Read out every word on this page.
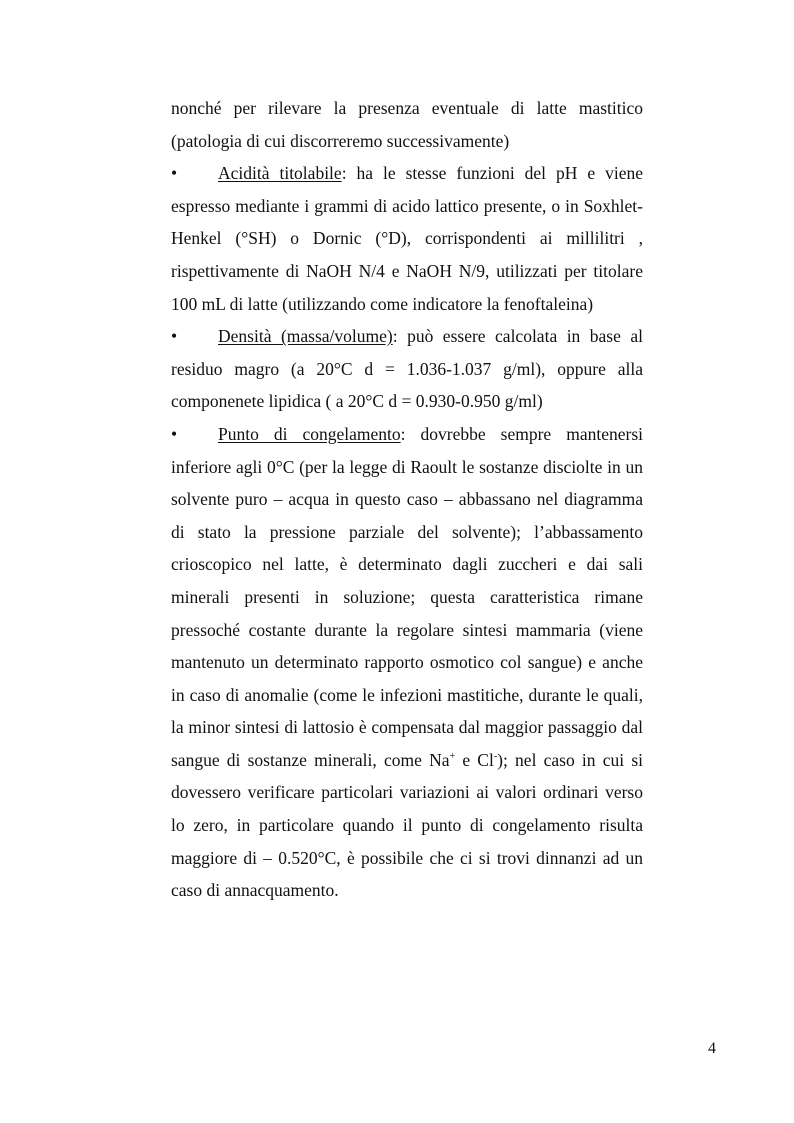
nonché per rilevare la presenza eventuale di latte mastitico (patologia di cui discorreremo successivamente)

• Acidità titolabile: ha le stesse funzioni del pH e viene espresso mediante i grammi di acido lattico presente, o in Soxhlet-Henkel (°SH) o Dornic (°D), corrispondenti ai millilitri , rispettivamente di NaOH N/4 e NaOH N/9, utilizzati per titolare 100 mL di latte (utilizzando come indicatore la fenoftaleina)

• Densità (massa/volume): può essere calcolata in base al residuo magro (a 20°C d = 1.036-1.037 g/ml), oppure alla componenete lipidica ( a 20°C d = 0.930-0.950 g/ml)

• Punto di congelamento: dovrebbe sempre mantenersi inferiore agli 0°C (per la legge di Raoult le sostanze disciolte in un solvente puro – acqua in questo caso – abbassano nel diagramma di stato la pressione parziale del solvente); l’abbassamento crioscopico nel latte, è determinato dagli zuccheri e dai sali minerali presenti in soluzione; questa caratteristica rimane pressoché costante durante la regolare sintesi mammaria (viene mantenuto un determinato rapporto osmotico col sangue) e anche in caso di anomalie (come le infezioni mastitiche, durante le quali, la minor sintesi di lattosio è compensata dal maggior passaggio dal sangue di sostanze minerali, come Na+ e Cl-); nel caso in cui si dovessero verificare particolari variazioni ai valori ordinari verso lo zero, in particolare quando il punto di congelamento risulta maggiore di – 0.520°C, è possibile che ci si trovi dinnanzi ad un caso di annacquamento.

4
